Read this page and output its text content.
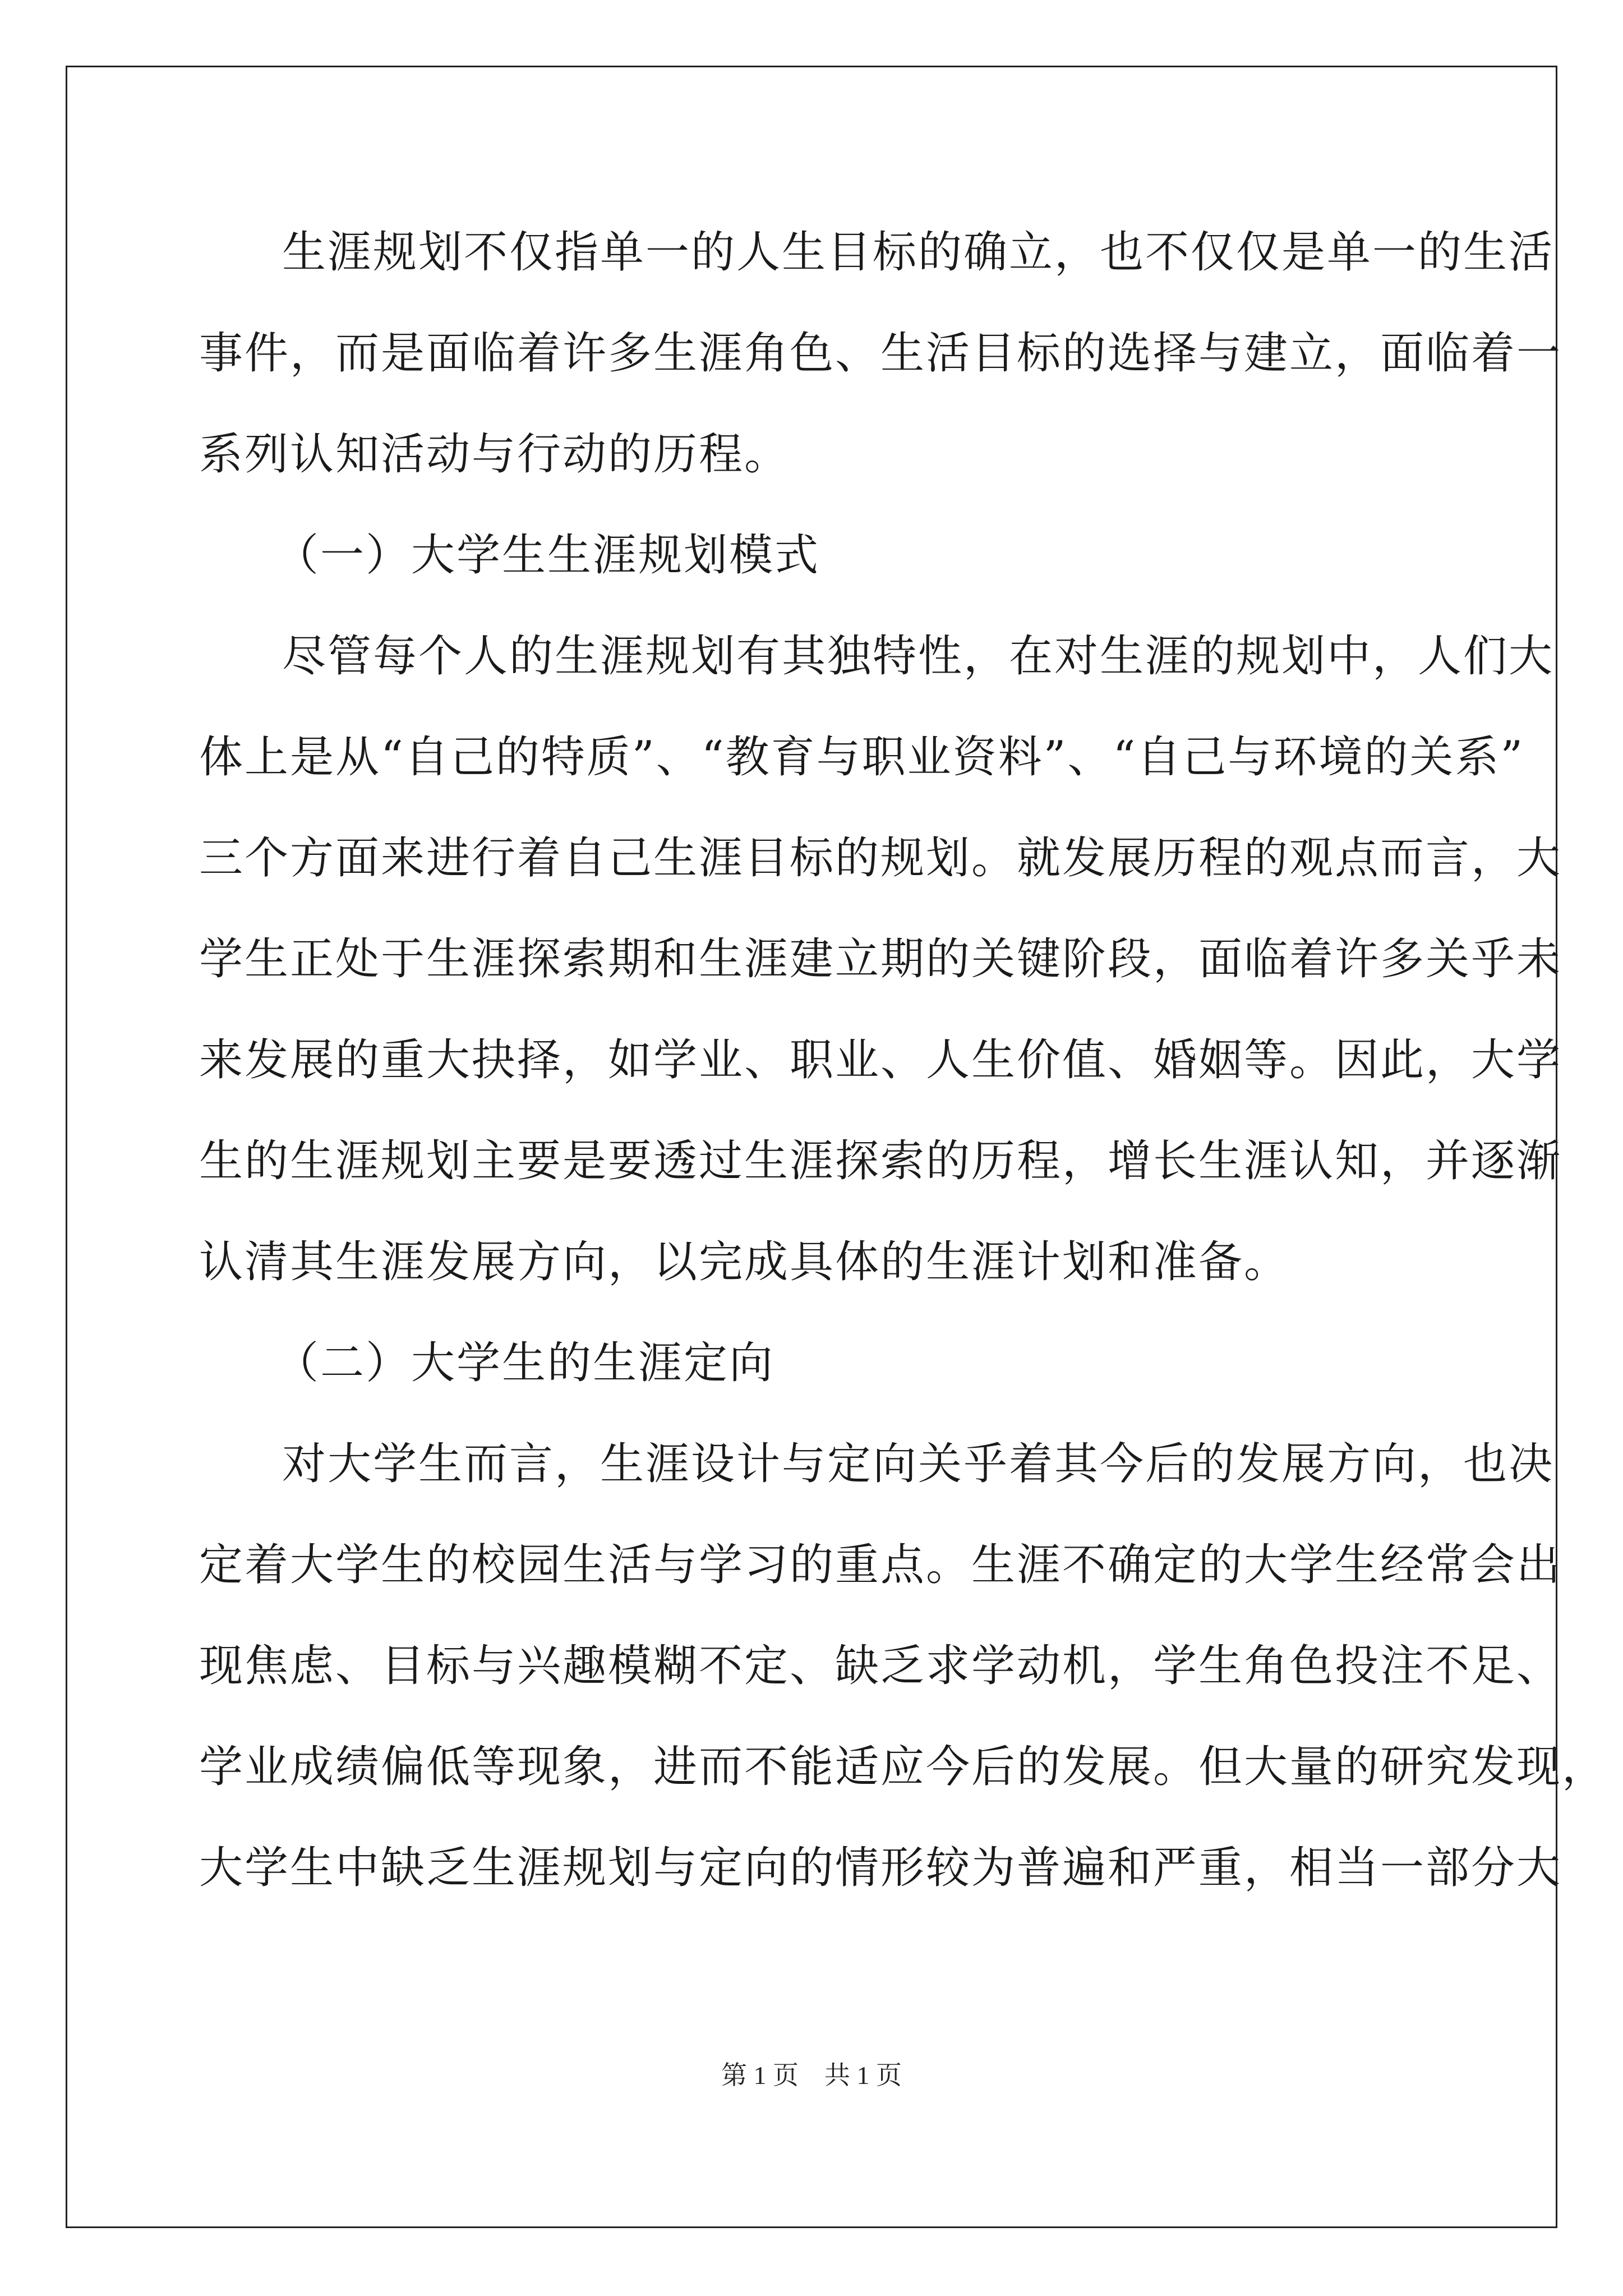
生涯规划不仅指单一的人生目标的确立，也不仅仅是单一的生活
事件，而是面临着许多生涯角色、生活目标的选择与建立，面临着一
系列认知活动与行动的历程。
（一）大学生生涯规划模式
尽管每个人的生涯规划有其独特性，在对生涯的规划中，人们大
体上是从“自己的特质”、“教育与职业资料”、“自己与环境的关系”
三个方面来进行着自己生涯目标的规划。就发展历程的观点而言，大
学生正处于生涯探索期和生涯建立期的关键阶段，面临着许多关乎未
来发展的重大抉择，如学业、职业、人生价值、婚姻等。因此，大学
生的生涯规划主要是要透过生涯探索的历程，增长生涯认知，并逐渐
认清其生涯发展方向，以完成具体的生涯计划和准备。
（二）大学生的生涯定向
对大学生而言，生涯设计与定向关乎着其今后的发展方向，也决
定着大学生的校园生活与学习的重点。生涯不确定的大学生经常会出
现焦虑、目标与兴趣模糊不定、缺乏求学动机，学生角色投注不足、
学业成绩偏低等现象，进而不能适应今后的发展。但大量的研究发现，
大学生中缺乏生涯规划与定向的情形较为普遍和严重，相当一部分大
第 1 页 共 1 页
